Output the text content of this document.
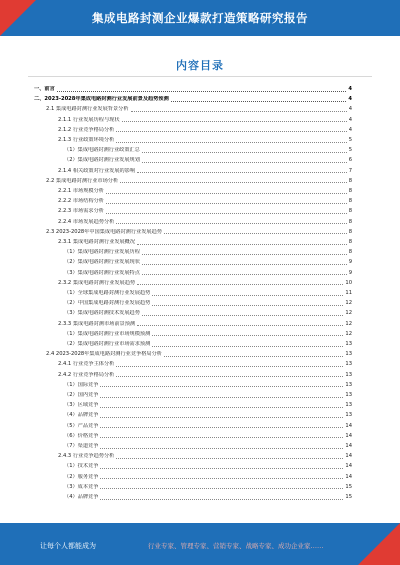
集成电路封测企业爆款打造策略研究报告
内容目录
一、前言	4
二、2023-2028年集成电路封测行业发展前景及趋势预测	4
2.1 集成电路封测行业发展背景分析	4
2.1.1 行业发展历程与现状	4
2.1.2 行业竞争格局分析	4
2.1.3 行业政策环境分析	5
（1）集成电路封测行业政策汇总	5
（2）集成电路封测行业发展规划	6
2.1.4 相关政策对行业发展的影响	7
2.2 集成电路封测行业市场分析	8
2.2.1 市场规模分析	8
2.2.2 市场结构分析	8
2.2.3 市场需求分析	8
2.2.4 市场发展趋势分析	8
2.3 2023-2028年中国集成电路封测行业发展趋势	8
2.3.1 集成电路封测行业发展概况	8
（1）集成电路封测行业发展历程	8
（2）集成电路封测行业发展现状	9
（3）集成电路封测行业发展特点	9
2.3.2 集成电路封测行业发展趋势	10
（1）全球集成电路封测行业发展趋势	11
（2）中国集成电路封测行业发展趋势	12
（3）集成电路封测技术发展趋势	12
2.3.3 集成电路封测市场前景预测	12
（1）集成电路封测行业市场规模预测	12
（2）集成电路封测行业市场需求预测	13
2.4 2023-2028年集成电路封测行业竞争格局分析	13
2.4.1 行业竞争主体分析	13
2.4.2 行业竞争格局分析	13
（1）国际竞争	13
（2）国内竞争	13
（3）区域竞争	13
（4）品牌竞争	13
（5）产品竞争	14
（6）价格竞争	14
（7）渠道竞争	14
2.4.3 行业竞争趋势分析	14
（1）技术竞争	14
（2）服务竞争	14
（3）成本竞争	15
（4）品牌竞争	15
让每个人都能成为	行业专家、管理专家、营销专家、战略专家、成功企业家……
